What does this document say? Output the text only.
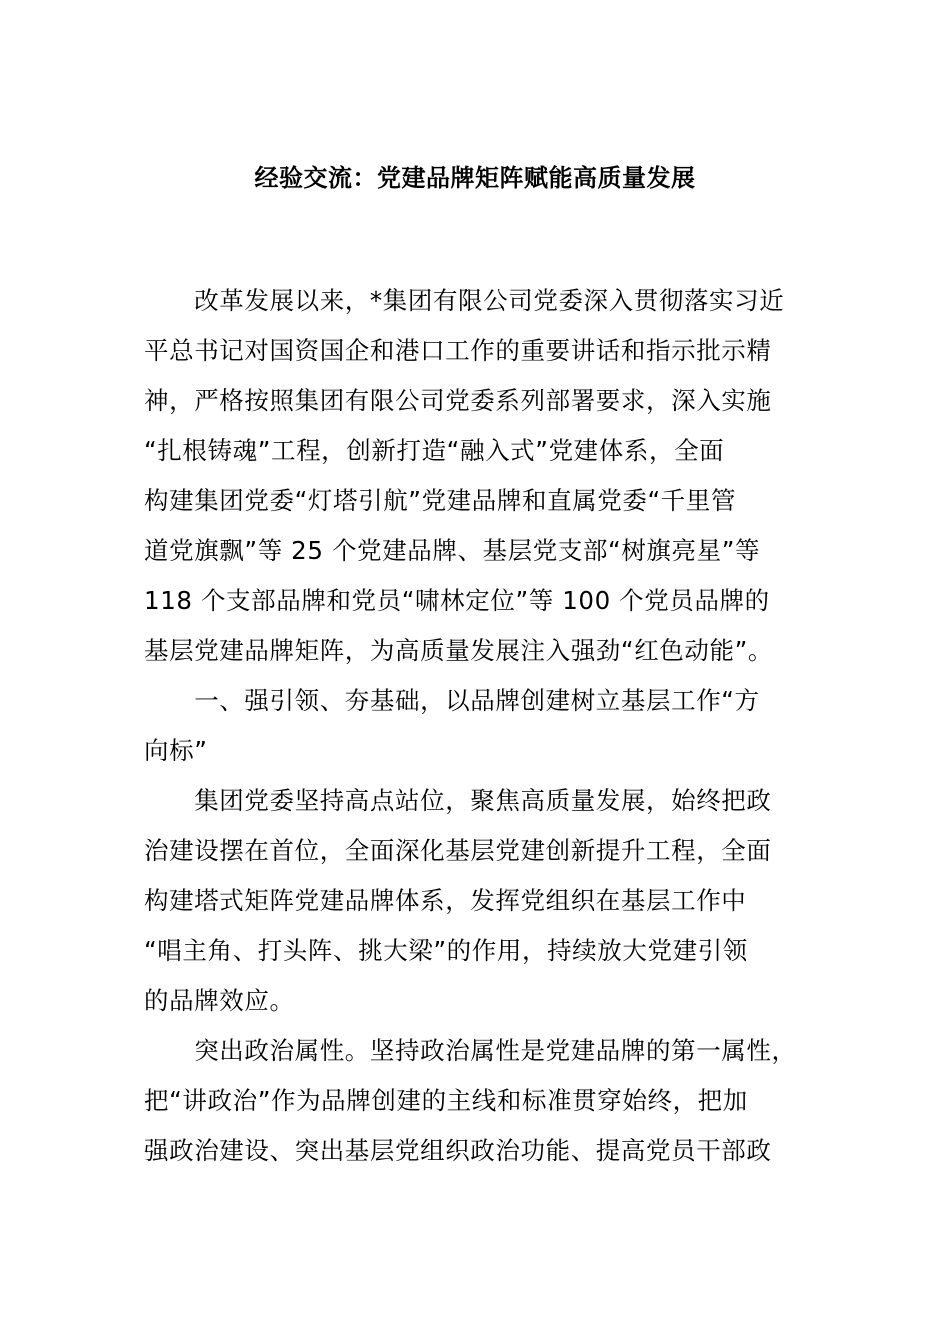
经验交流：党建品牌矩阵赋能高质量发展
　　改革发展以来，*集团有限公司党委深入贯彻落实习近
平总书记对国资国企和港口工作的重要讲话和指示批示精
神，严格按照集团有限公司党委系列部署要求，深入实施
“扎根铸魂”工程，创新打造“融入式”党建体系，全面
构建集团党委“灯塔引航”党建品牌和直属党委“千里管
道党旗飘”等 25 个党建品牌、基层党支部“树旗亮星”等
118 个支部品牌和党员“啸林定位”等 100 个党员品牌的
基层党建品牌矩阵，为高质量发展注入强劲“红色动能”。
　　一、强引领、夯基础，以品牌创建树立基层工作“方
向标”
　　集团党委坚持高点站位，聚焦高质量发展，始终把政
治建设摆在首位，全面深化基层党建创新提升工程，全面
构建塔式矩阵党建品牌体系，发挥党组织在基层工作中
“唱主角、打头阵、挑大梁”的作用，持续放大党建引领
的品牌效应。
　　突出政治属性。坚持政治属性是党建品牌的第一属性，
把“讲政治”作为品牌创建的主线和标准贯穿始终，把加
强政治建设、突出基层党组织政治功能、提高党员干部政
